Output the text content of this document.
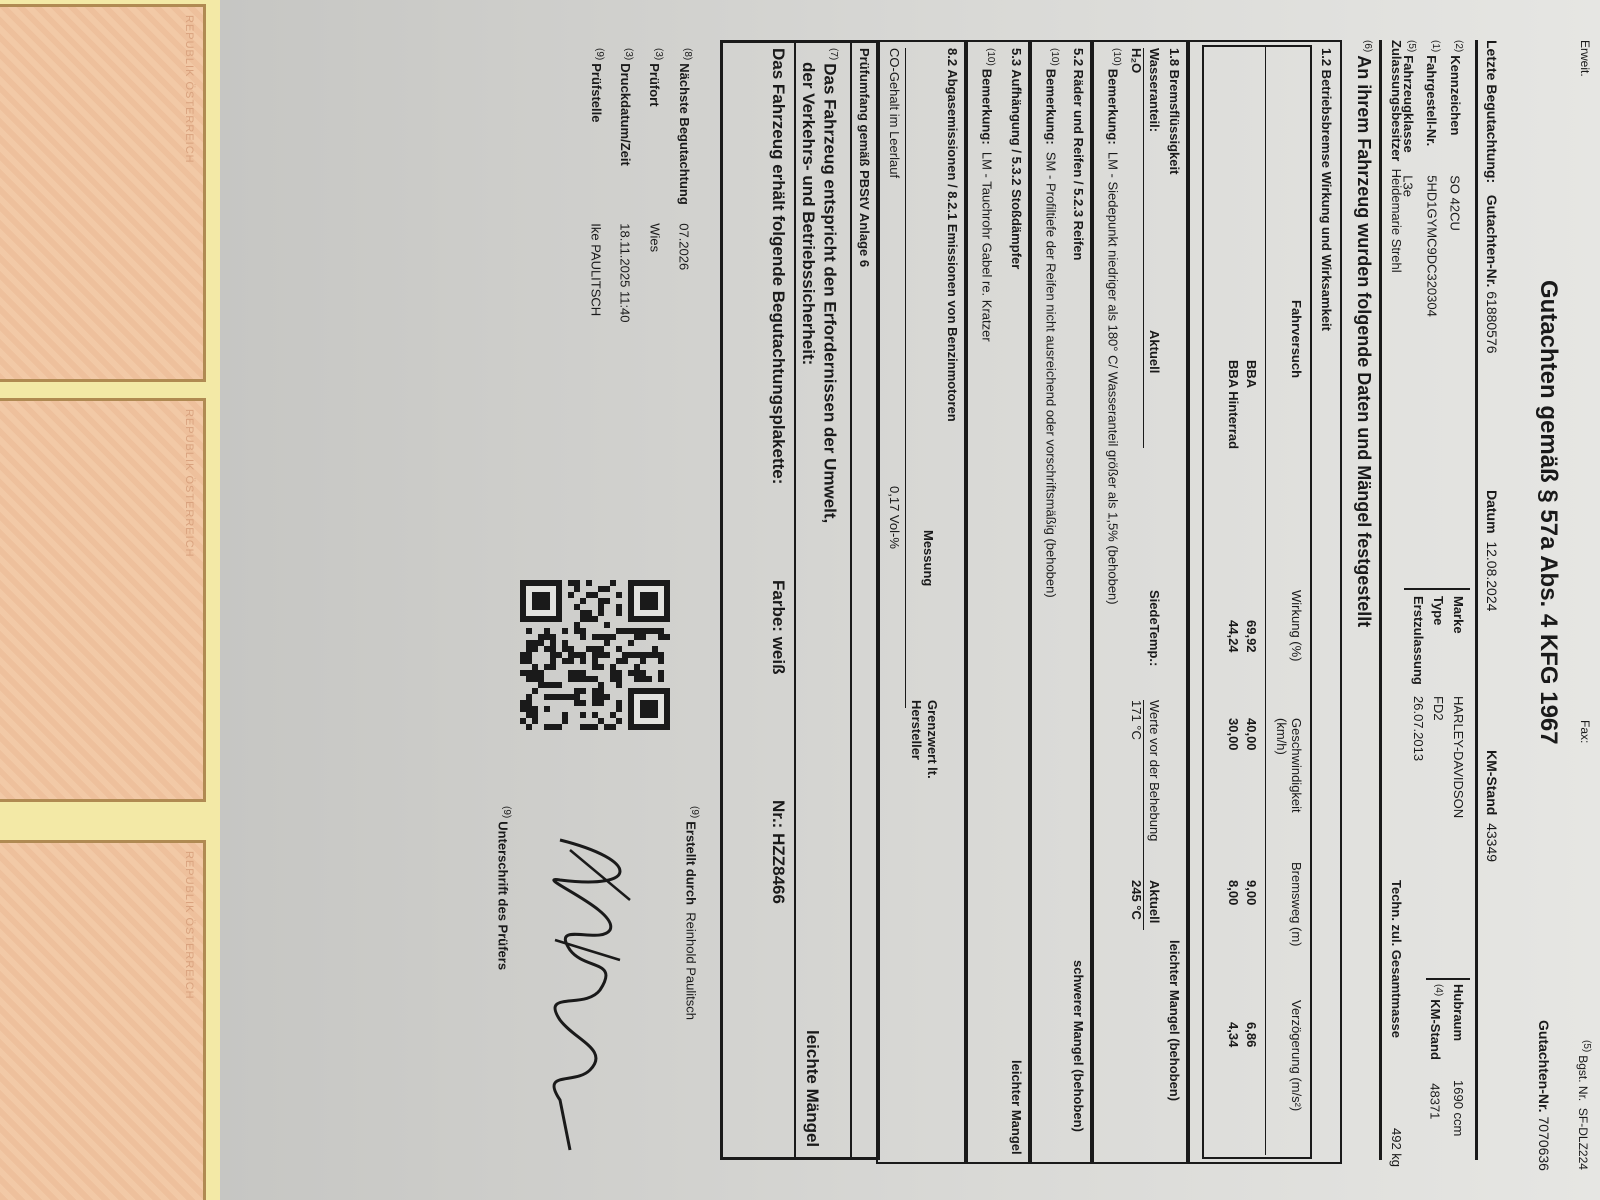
Erweit.
Fax:
$^{(5)}$Bgst. Nr.  SF-DLZ224
Gutachten gemäß § 57a Abs. 4 KFG 1967
Gutachten-Nr. 7070636
Letzte Begutachtung:   Gutachten-Nr. 61880576
Datum  12.08.2024
KM-Stand  43349
$^{(2)}$KennzeichenSO 42CU
$^{(1)}$Fahrgestell-Nr.5HD1GYMC9DC320304
$^{(5)}$FahrzeugklasseL3e
MarkeHARLEY-DAVIDSON
TypeFD2
Erstzulassung26.07.2013
Hubraum1690 ccm
$^{(4)}$KM-Stand48371
Zulassungsbesitzer  Heidemarie Strehl
Techn. zul. Gesamtmasse
492 kg
$^{(6)}$An ihrem Fahrzeug wurden folgende Daten und Mängel festgestellt
1.2 Betriebsbremse Wirkung und Wirksamkeit
Fahrversuch
Wirkung (%)
Geschwindigkeit (km/h)
Bremsweg (m)
Verzögerung (m/s²)
BBA
BBA Hinterrad
69,92
44,24
40,00
30,00
9,00
8,00
6,86
4,34
1.8 Bremsflüssigkeit
leichter Mangel (behoben)
Wasseranteil:
H₂O
Aktuell
SiedeTemp.:
171 °C Werte vor der Behebung
Aktuell
245 °C
$^{(10)}$Bemerkung:  LM - Siedepunkt niedriger als 180° C/ Wasseranteil größer als 1,5% (behoben)
5.2 Räder und Reifen / 5.2.3 Reifen
schwerer Mangel (behoben)
$^{(10)}$Bemerkung:  SM - Profiltiefe der Reifen nicht ausreichend oder vorschriftsmäßig (behoben)
5.3 Aufhängung / 5.3.2 Stoßdämpfer
leichter Mangel
$^{(10)}$Bemerkung:  LM - Tauchrohr Gabel re. Kratzer
8.2 Abgasemissionen / 8.2.1 Emissionen von Benzinmotoren
Messung
Grenzwert lt.
Hersteller
CO-Gehalt im Leerlauf
0,17 Vol-%
Prüfumfang gemäß PBStV Anlage 6
$^{(7)}$Das Fahrzeug entspricht den Erfordernissen der Umwelt,
der Verkehrs- und Betriebssicherheit:
leichte Mängel
Das Fahrzeug erhält folgende Begutachtungsplakette:
Farbe: weiß
Nr.: HZZ8466
$^{(8)}$Nächste Begutachtung07.2026
$^{(3)}$PrüfortWies
$^{(3)}$Druckdatum/Zeit18.11.2025 11:40
$^{(9)}$PrüfstelleIke PAULITSCH
$^{(9)}$Erstellt durch  Reinhold Paulitsch
$^{(9)}$Unterschrift des Prüfers
REPUBLIK ÖSTERREICH
REPUBLIK ÖSTERREICH
REPUBLIK ÖSTERREICH
